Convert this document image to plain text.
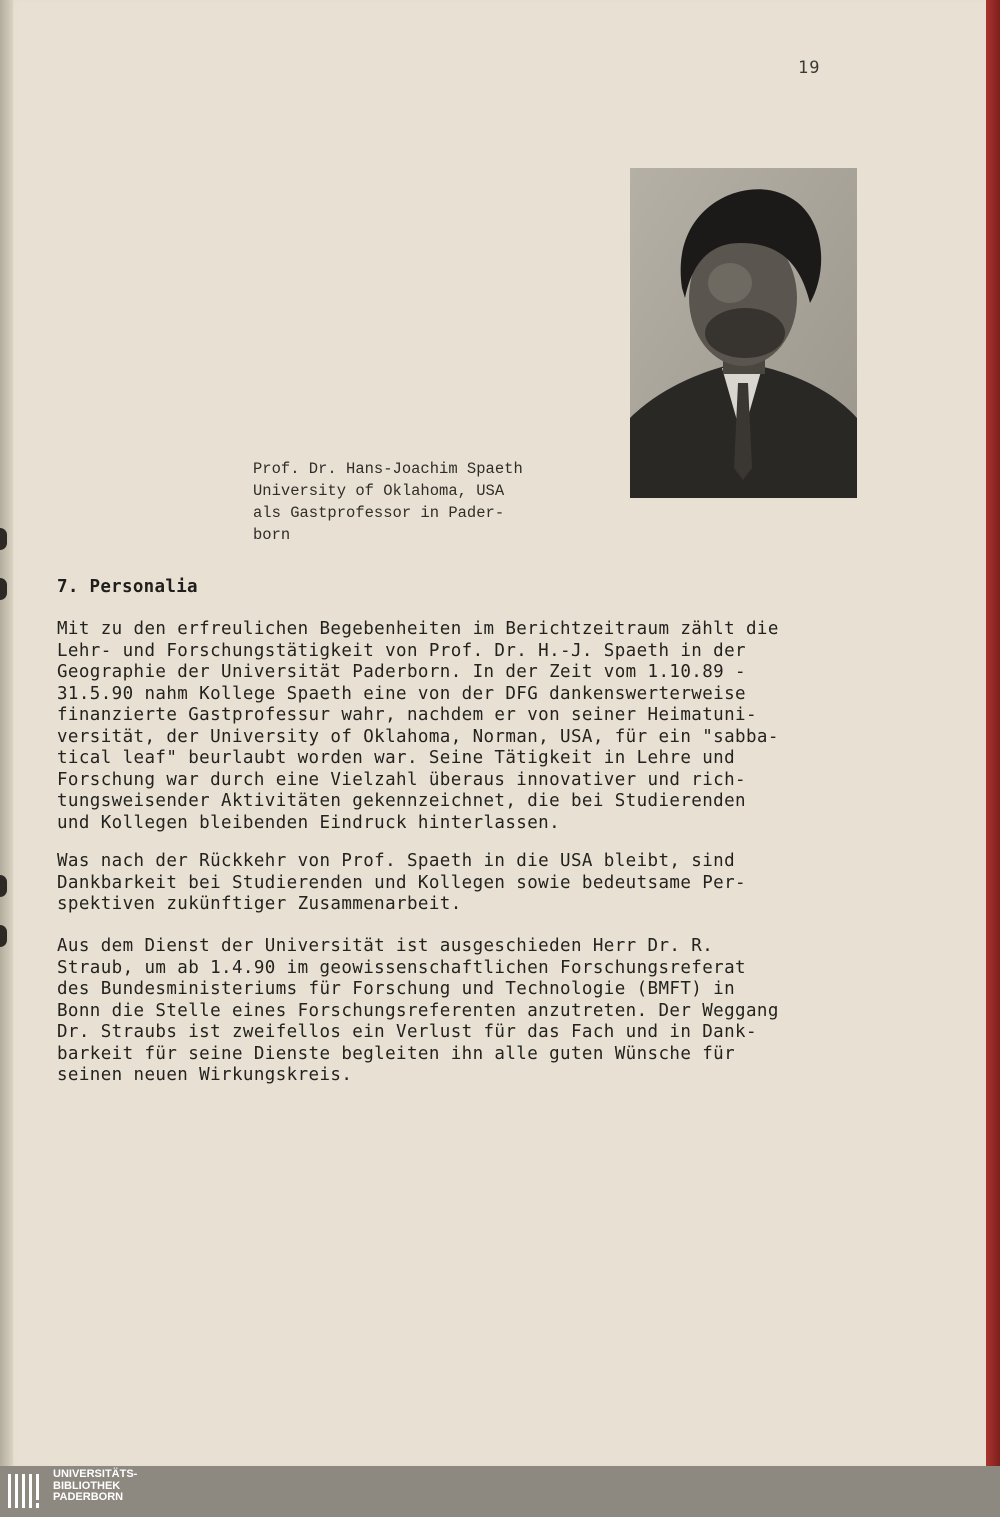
19
Prof. Dr. Hans-Joachim Spaeth
University of Oklahoma, USA
als Gastprofessor in Pader-
born
7. Personalia

Mit zu den erfreulichen Begebenheiten im Berichtzeitraum zählt die
Lehr- und Forschungstätigkeit von Prof. Dr. H.-J. Spaeth in der
Geographie der Universität Paderborn. In der Zeit vom 1.10.89 -
31.5.90 nahm Kollege Spaeth eine von der DFG dankenswerterweise
finanzierte Gastprofessur wahr, nachdem er von seiner Heimatuni-
versität, der University of Oklahoma, Norman, USA, für ein "sabba-
tical leaf" beurlaubt worden war. Seine Tätigkeit in Lehre und
Forschung war durch eine Vielzahl überaus innovativer und rich-
tungsweisender Aktivitäten gekennzeichnet, die bei Studierenden
und Kollegen bleibenden Eindruck hinterlassen.

Was nach der Rückkehr von Prof. Spaeth in die USA bleibt, sind
Dankbarkeit bei Studierenden und Kollegen sowie bedeutsame Per-
spektiven zukünftiger Zusammenarbeit.

Aus dem Dienst der Universität ist ausgeschieden Herr Dr. R.
Straub, um ab 1.4.90 im geowissenschaftlichen Forschungsreferat
des Bundesministeriums für Forschung und Technologie (BMFT) in
Bonn die Stelle eines Forschungsreferenten anzutreten. Der Weggang
Dr. Straubs ist zweifellos ein Verlust für das Fach und in Dank-
barkeit für seine Dienste begleiten ihn alle guten Wünsche für
seinen neuen Wirkungskreis.

UNIVERSITÄTS-
BIBLIOTHEK
PADERBORN
